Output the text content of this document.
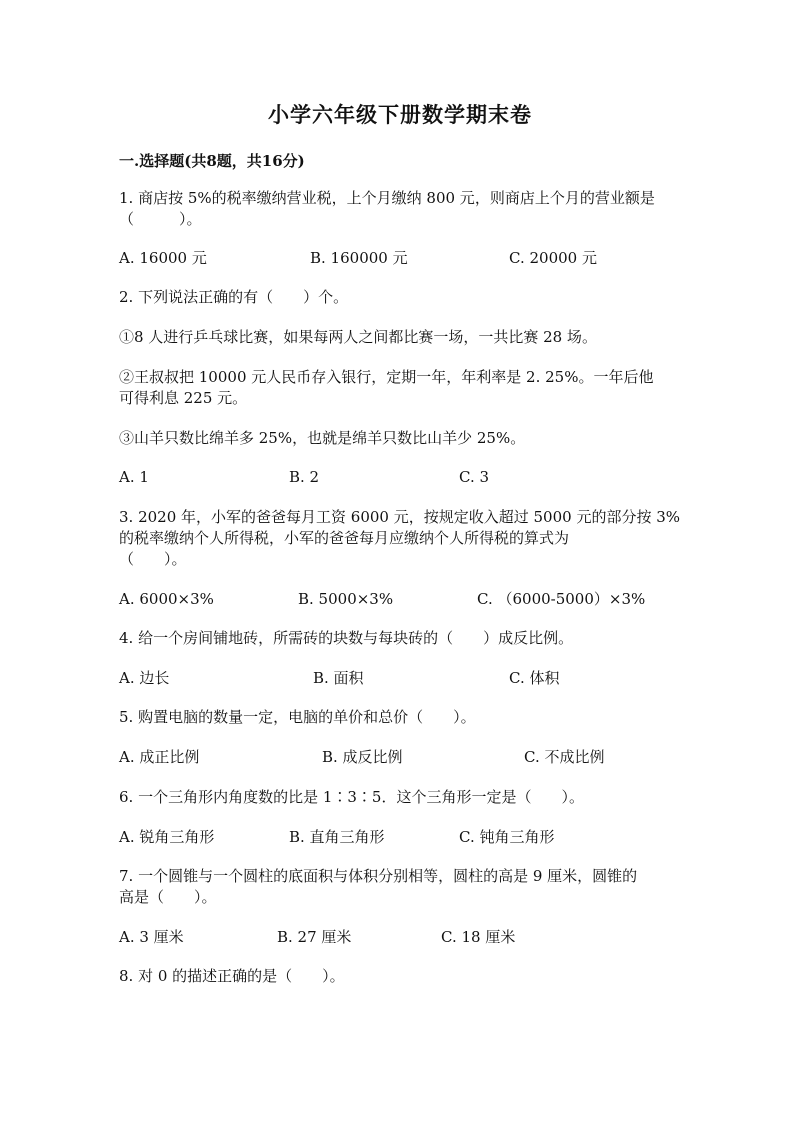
小学六年级下册数学期末卷
一.选择题(共8题，共16分)
1. 商店按 5%的税率缴纳营业税，上个月缴纳 800 元，则商店上个月的营业额是
（　　　）。
A. 16000 元	B. 160000 元	C. 20000 元
2. 下列说法正确的有（　　）个。
①8 人进行乒乓球比赛，如果每两人之间都比赛一场，一共比赛 28 场。
②王叔叔把 10000 元人民币存入银行，定期一年，年利率是 2. 25%。一年后他
可得利息 225 元。
③山羊只数比绵羊多 25%，也就是绵羊只数比山羊少 25%。
A. 1	B. 2	C. 3
3. 2020 年，小军的爸爸每月工资 6000 元，按规定收入超过 5000 元的部分按 3%
的税率缴纳个人所得税，小军的爸爸每月应缴纳个人所得税的算式为
（　　）。
A. 6000×3%	B. 5000×3%	C. （6000-5000）×3%
4. 给一个房间铺地砖，所需砖的块数与每块砖的（　　）成反比例。
A. 边长	B. 面积	C. 体积
5. 购置电脑的数量一定，电脑的单价和总价（　　）。
A. 成正比例	B. 成反比例	C. 不成比例
6. 一个三角形内角度数的比是 1∶3∶5．这个三角形一定是（　　）。
A. 锐角三角形	B. 直角三角形	C. 钝角三角形
7. 一个圆锥与一个圆柱的底面积与体积分别相等，圆柱的高是 9 厘米，圆锥的
高是（　　）。
A. 3 厘米	B. 27 厘米	C. 18 厘米
8. 对 0 的描述正确的是（　　）。
